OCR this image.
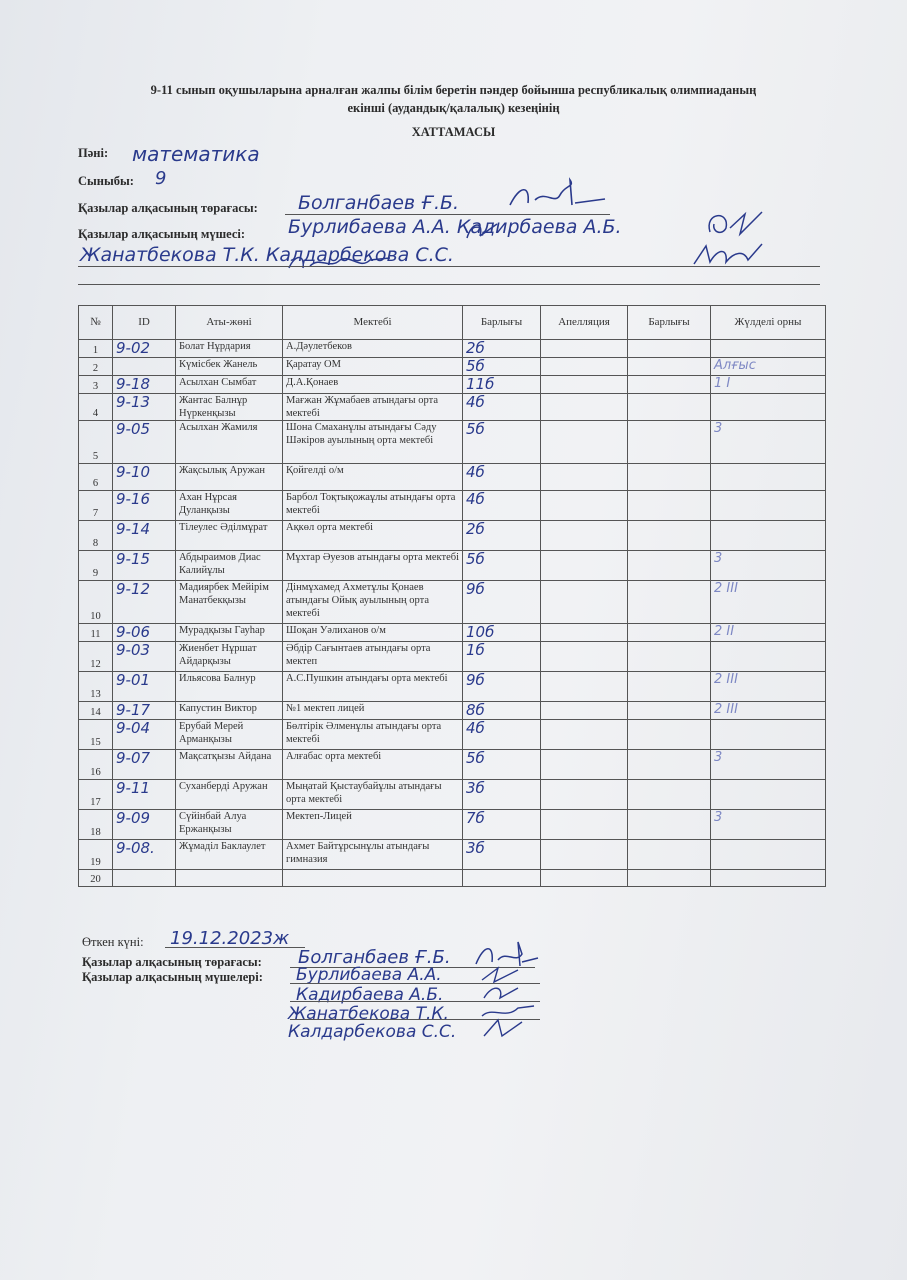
9-11 сынып оқушыларына арналған жалпы білім беретін пәндер бойынша республикалық олимпиаданың
екінші (аудандық/қалалық) кезеңінің
ХАТТАМАСЫ
Пәні: математика
Сыныбы: 9
Қазылар алқасының төрағасы: Болганбаев Ғ.Б.
Қазылар алқасының мүшесі: Бурлибаева А.А. Кадирбаева А.Б.
Жанатбекова Т.К. Калдарбекова С.С.
№	ID	Аты-жөні	Мектебі	Барлығы	Апелляция	Барлығы	Жүлделі орны
1	9-02	Болат Нұрдария	А.Дәулетбеков	2б			
2		Күмісбек Жанель	Қаратау ОМ	5б			Алғыс
3	9-18	Асылхан Сымбат	Д.А.Қонаев	11б			1 I
4	9-13	Жантас Балнұр Нүркенқызы	Мағжан Жұмабаев атындағы орта мектебі	4б			
5	9-05	Асылхан Жамиля	Шона Смаханұлы атындағы Сәду Шәкіров ауылының орта мектебі	5б			3
6	9-10	Жақсылық Аружан	Қойгелді о/м	4б			
7	9-16	Ахан Нұрсая Дуланқызы	Барбол Тоқтықожаұлы атындағы орта мектебі	4б			
8	9-14	Тілеулес Әділмұрат	Ақкөл орта мектебі	2б			
9	9-15	Абдыраимов Диас Калийұлы	Мұхтар Әуезов атындағы орта мектебі	5б			3
10	9-12	Мадиярбек Мейірім Манатбекқызы	Дінмұхамед Ахметұлы Қонаев атындағы Ойық ауылының орта мектебі	9б			2 III
11	9-06	Мурадқызы Гауһар	Шоқан Уәлиханов о/м	10б			2 II
12	9-03	Жиенбет Нұршат Айдарқызы	Әбдір Сағынтаев атындағы орта мектеп	1б			
13	9-01	Ильясова Балнур	А.С.Пушкин атындағы орта мектебі	9б			2 III
14	9-17	Капустин Виктор	№1 мектеп лицей	8б			2 III
15	9-04	Ерубай Мерей Арманқызы	Бөлтірік Әлменұлы атындағы орта мектебі	4б			
16	9-07	Мақсатқызы Айдана	Алғабас орта мектебі	5б			3
17	9-11	Суханберді Аружан	Мыңатай Қыстаубайұлы атындағы орта мектебі	3б			
18	9-09	Сүйінбай Алуа Ержанқызы	Мектеп-Лицей	7б			3
19	9-08.	Жұмаділ Баклаулет	Ахмет Байтұрсынұлы атындағы гимназия	3б			
20							
Өткен күні: 19.12.2023ж
Қазылар алқасының төрағасы: Болганбаев Ғ.Б.
Қазылар алқасының мүшелері: Бурлибаева А.А.
Кадирбаева А.Б.
Жанатбекова Т.К.
Калдарбекова С.С.
